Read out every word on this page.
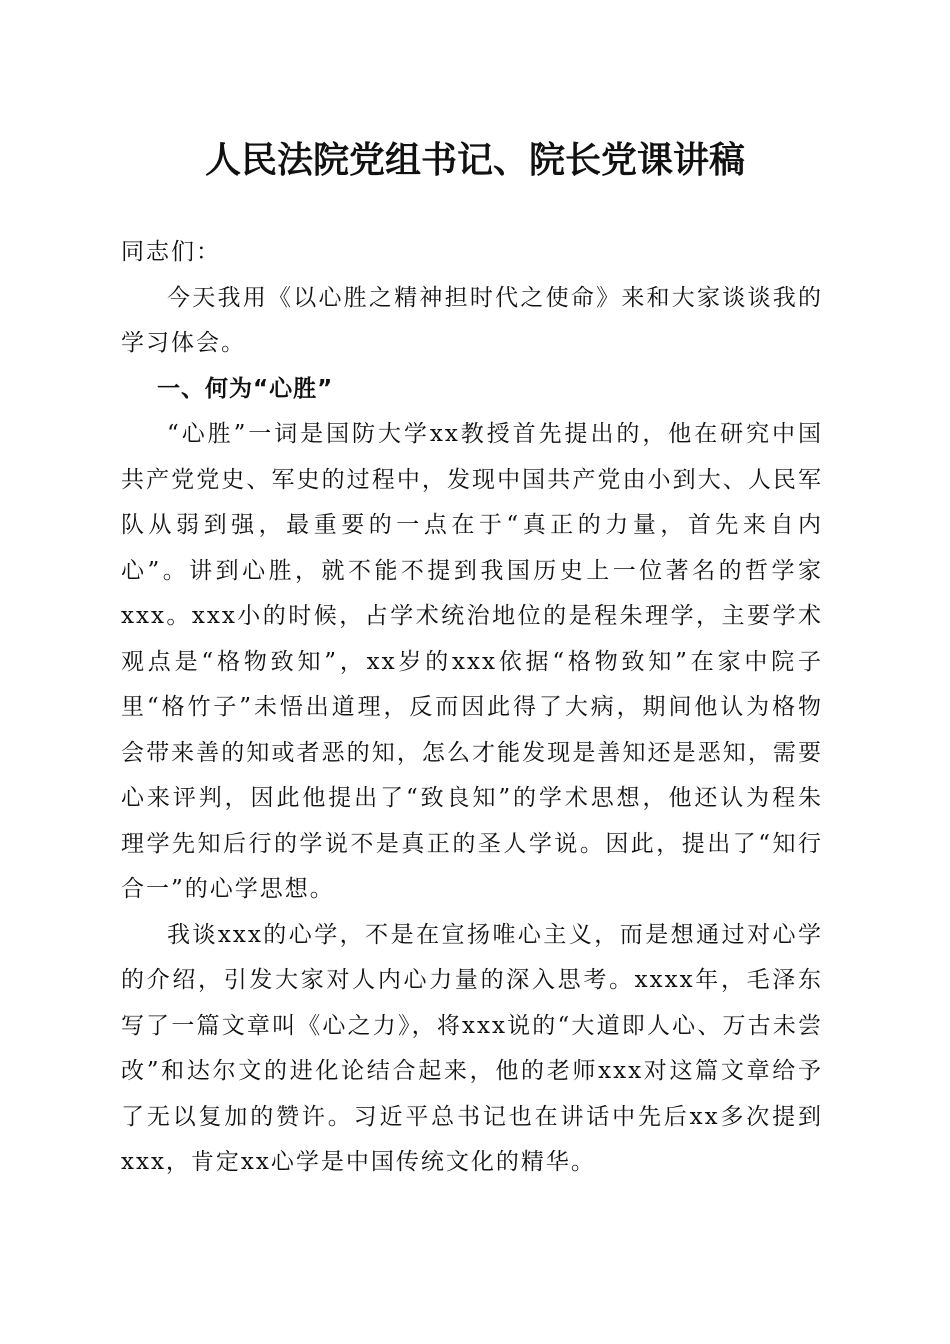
人民法院党组书记、院长党课讲稿

同志们：

今天我用《以心胜之精神担时代之使命》来和大家谈谈我的学习体会。

一、何为“心胜”

“心胜”一词是国防大学xx教授首先提出的，他在研究中国共产党党史、军史的过程中，发现中国共产党由小到大、人民军队从弱到强，最重要的一点在于“真正的力量，首先来自内心”。讲到心胜，就不能不提到我国历史上一位著名的哲学家xxx。xxx小的时候，占学术统治地位的是程朱理学，主要学术观点是“格物致知”，xx岁的xxx依据“格物致知”在家中院子里“格竹子”未悟出道理，反而因此得了大病，期间他认为格物会带来善的知或者恶的知，怎么才能发现是善知还是恶知，需要心来评判，因此他提出了“致良知”的学术思想，他还认为程朱理学先知后行的学说不是真正的圣人学说。因此，提出了“知行合一”的心学思想。

我谈xxx的心学，不是在宣扬唯心主义，而是想通过对心学的介绍，引发大家对人内心力量的深入思考。xxxx年，毛泽东写了一篇文章叫《心之力》，将xxx说的“大道即人心、万古未尝改”和达尔文的进化论结合起来，他的老师xxx对这篇文章给予了无以复加的赞许。习近平总书记也在讲话中先后xx多次提到xxx，肯定xx心学是中国传统文化的精华。
